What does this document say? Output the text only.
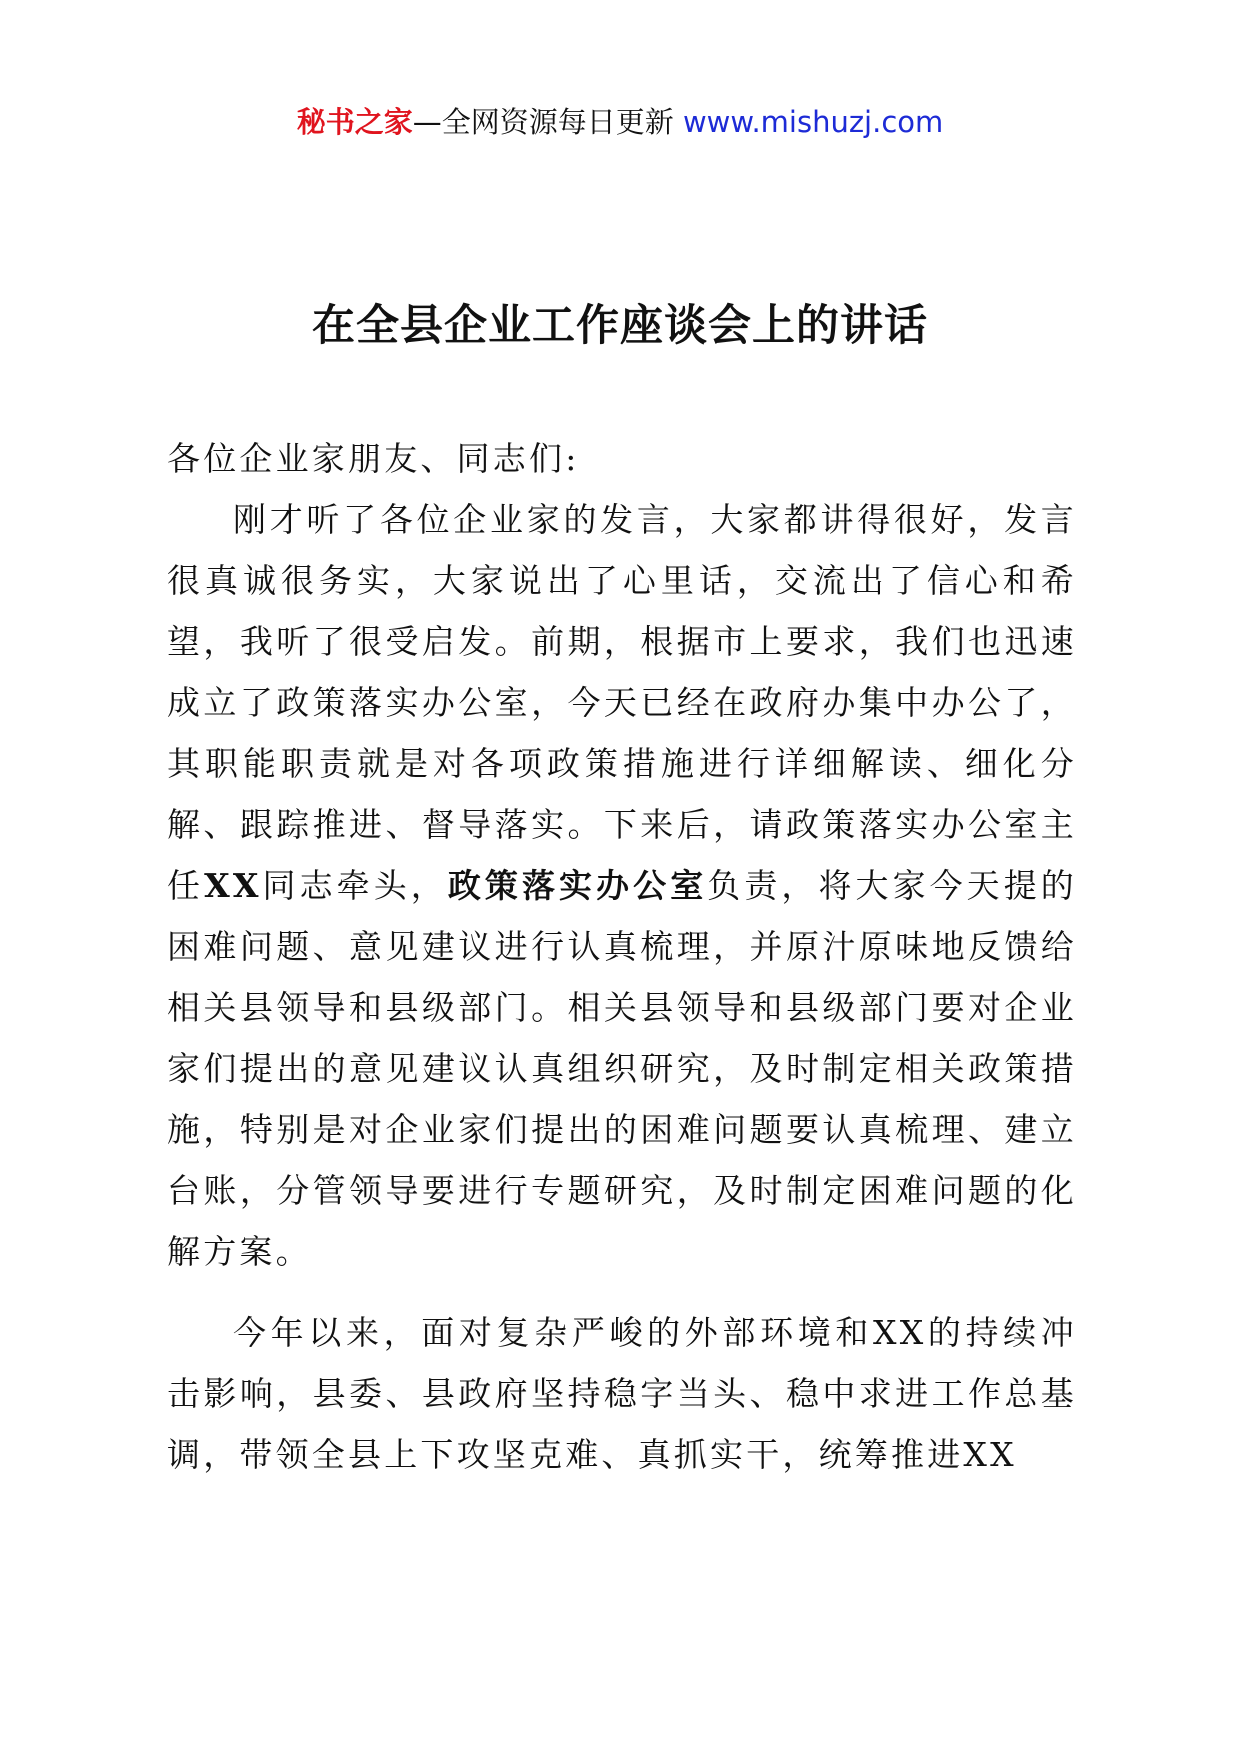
秘书之家—全网资源每日更新 www.mishuzj.com
在全县企业工作座谈会上的讲话

各位企业家朋友、同志们:

刚才听了各位企业家的发言，大家都讲得很好，发言很真诚很务实，大家说出了心里话，交流出了信心和希望，我听了很受启发。前期，根据市上要求，我们也迅速成立了政策落实办公室，今天已经在政府办集中办公了，其职能职责就是对各项政策措施进行详细解读、细化分解、跟踪推进、督导落实。下来后，请政策落实办公室主任XX同志牵头，政策落实办公室负责，将大家今天提的困难问题、意见建议进行认真梳理，并原汁原味地反馈给相关县领导和县级部门。相关县领导和县级部门要对企业家们提出的意见建议认真组织研究，及时制定相关政策措施，特别是对企业家们提出的困难问题要认真梳理、建立台账，分管领导要进行专题研究，及时制定困难问题的化解方案。

今年以来，面对复杂严峻的外部环境和XX的持续冲击影响，县委、县政府坚持稳字当头、稳中求进工作总基调，带领全县上下攻坚克难、真抓实干，统筹推进XX
